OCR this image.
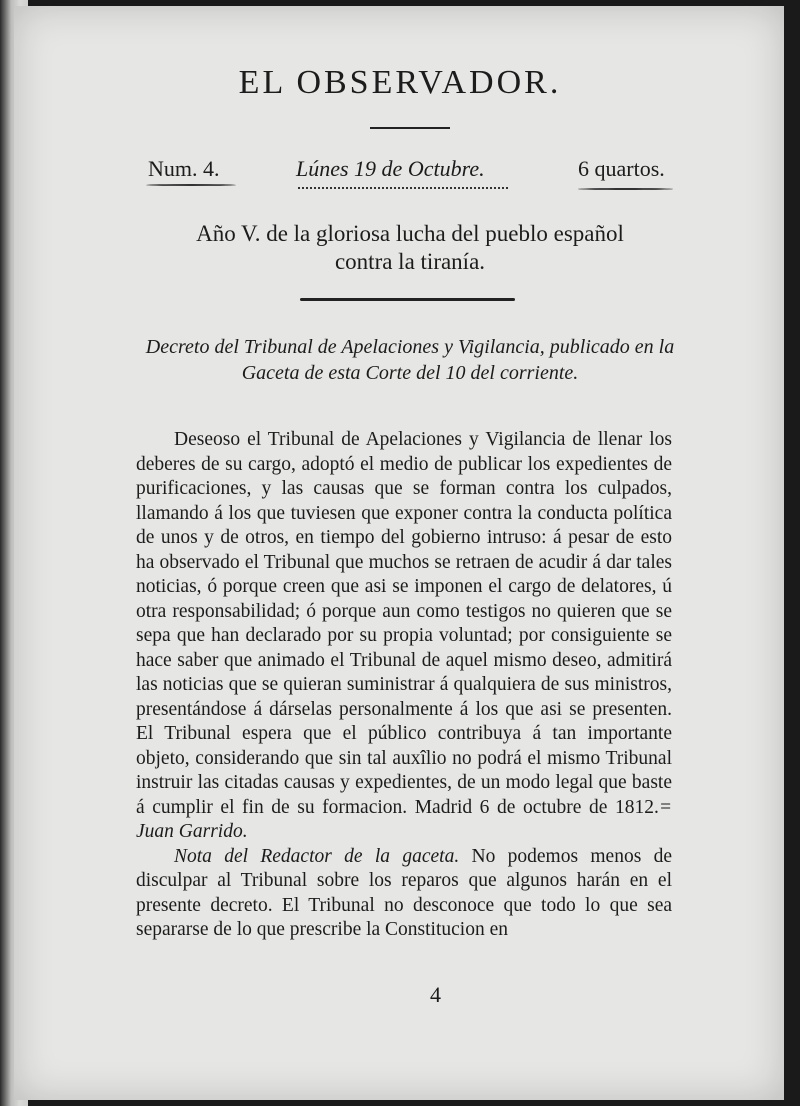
EL OBSERVADOR.
Num. 4.	Lúnes 19 de Octubre.	6 quartos.
Año V. de la gloriosa lucha del pueblo español
contra la tiranía.
Decreto del Tribunal de Apelaciones y Vigilancia, publicado en la Gaceta de esta Corte del 10 del corriente.

Deseoso el Tribunal de Apelaciones y Vigilancia de llenar los deberes de su cargo, adoptó el medio de publicar los expedientes de purificaciones, y las causas que se forman contra los culpados, llamando á los que tuviesen que exponer contra la conducta política de unos y de otros, en tiempo del gobierno intruso: á pesar de esto ha observado el Tribunal que muchos se retraen de acudir á dar tales noticias, ó porque creen que asi se imponen el cargo de delatores, ú otra responsabilidad; ó porque aun como testigos no quieren que se sepa que han declarado por su propia voluntad; por consiguiente se hace saber que animado el Tribunal de aquel mismo deseo, admitirá las noticias que se quieran suministrar á qualquiera de sus ministros, presentándose á dárselas personalmente á los que asi se presenten. El Tribunal espera que el público contribuya á tan importante objeto, considerando que sin tal auxîlio no podrá el mismo Tribunal instruir las citadas causas y expedientes, de un modo legal que baste á cumplir el fin de su formacion. Madrid 6 de octubre de 1812.= Juan Garrido.

Nota del Redactor de la gaceta. No podemos menos de disculpar al Tribunal sobre los reparos que algunos harán en el presente decreto. El Tribunal no desconoce que todo lo que sea separarse de lo que prescribe la Constitucion en

4
